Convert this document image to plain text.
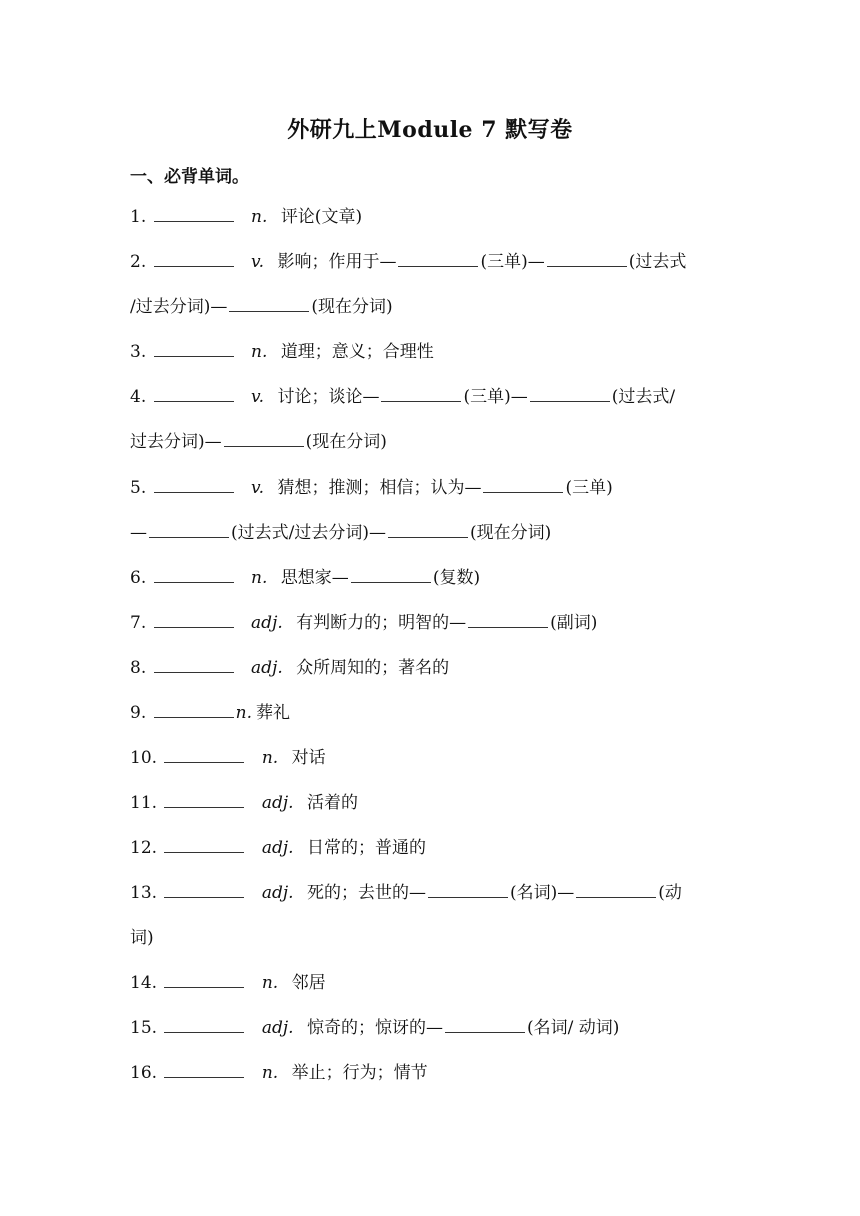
外研九上Module 7 默写卷
一、必背单词。
1.	n. 评论(文章)
2.	v. 影响；作用于—	(三单)—	(过去式
/过去分词)—	(现在分词)
3.	n. 道理；意义；合理性
4.	v. 讨论；谈论—	(三单)—	(过去式/
过去分词)—	(现在分词)
5.	v. 猜想；推测；相信；认为—	(三单)
—	(过去式/过去分词)—	(现在分词)
6.	n. 思想家—	(复数)
7.	adj. 有判断力的；明智的—	(副词)
8.	adj. 众所周知的；著名的
9.	n. 葬礼
10.	n. 对话
11.	adj. 活着的
12.	adj. 日常的；普通的
13.	adj. 死的；去世的—	(名词)—	(动
词)
14.	n. 邻居
15.	adj. 惊奇的；惊讶的—	(名词/ 动词)
16.	n. 举止；行为；情节
